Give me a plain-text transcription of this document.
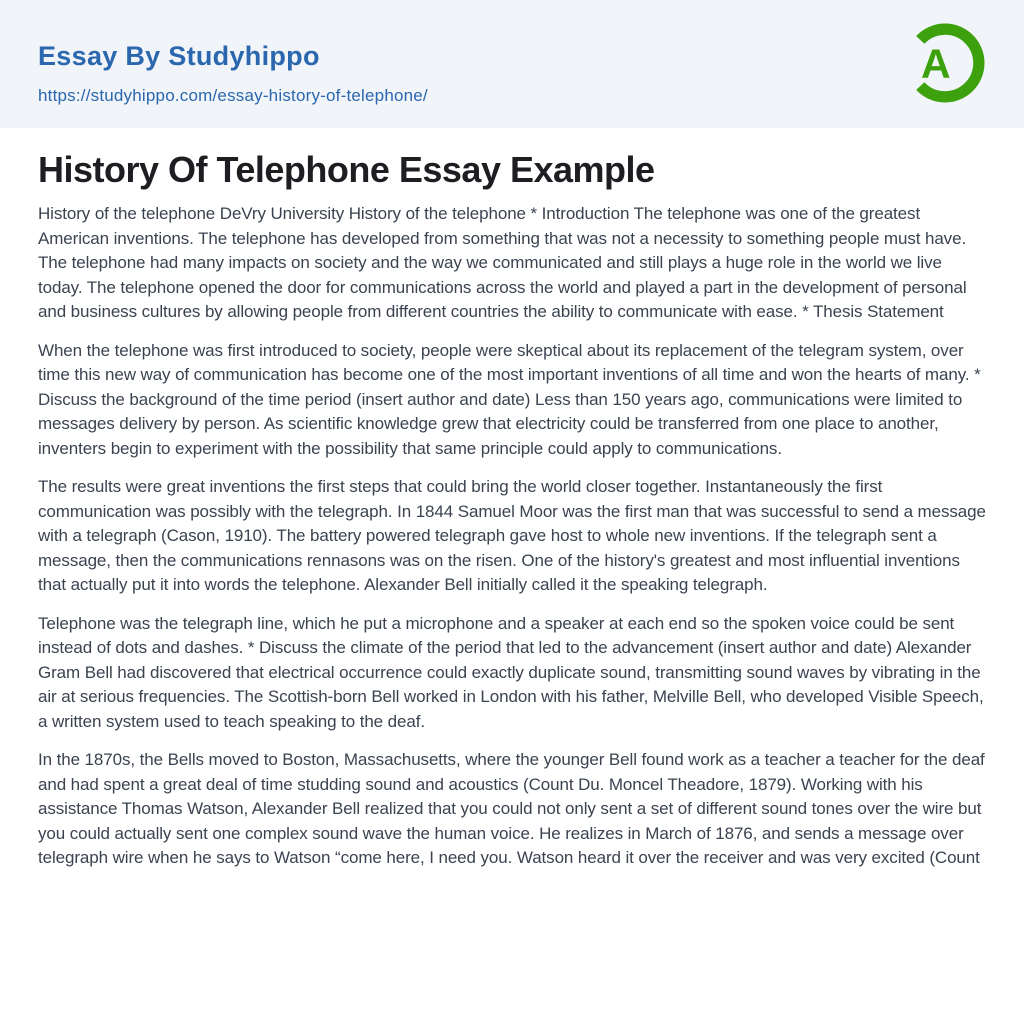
Essay By Studyhippo
https://studyhippo.com/essay-history-of-telephone/
A
History Of Telephone Essay Example

History of the telephone DeVry University History of the telephone * Introduction The telephone was one of the greatest American inventions. The telephone has developed from something that was not a necessity to something people must have. The telephone had many impacts on society and the way we communicated and still plays a huge role in the world we live today. The telephone opened the door for communications across the world and played a part in the development of personal and business cultures by allowing people from different countries the ability to communicate with ease. * Thesis Statement

When the telephone was first introduced to society, people were skeptical about its replacement of the telegram system, over time this new way of communication has become one of the most important inventions of all time and won the hearts of many. * Discuss the background of the time period (insert author and date) Less than 150 years ago, communications were limited to messages delivery by person. As scientific knowledge grew that electricity could be transferred from one place to another, inventers begin to experiment with the possibility that same principle could apply to communications.

The results were great inventions the first steps that could bring the world closer together. Instantaneously the first communication was possibly with the telegraph. In 1844 Samuel Moor was the first man that was successful to send a message with a telegraph (Cason, 1910). The battery powered telegraph gave host to whole new inventions. If the telegraph sent a message, then the communications rennasons was on the risen. One of the history's greatest and most influential inventions that actually put it into words the telephone. Alexander Bell initially called it the speaking telegraph.

Telephone was the telegraph line, which he put a microphone and a speaker at each end so the spoken voice could be sent instead of dots and dashes. * Discuss the climate of the period that led to the advancement (insert author and date) Alexander Gram Bell had discovered that electrical occurrence could exactly duplicate sound, transmitting sound waves by vibrating in the air at serious frequencies. The Scottish-born Bell worked in London with his father, Melville Bell, who developed Visible Speech, a written system used to teach speaking to the deaf.

In the 1870s, the Bells moved to Boston, Massachusetts, where the younger Bell found work as a teacher a teacher for the deaf and had spent a great deal of time studding sound and acoustics (Count Du. Moncel Theadore, 1879). Working with his assistance Thomas Watson, Alexander Bell realized that you could not only sent a set of different sound tones over the wire but you could actually sent one complex sound wave the human voice. He realizes in March of 1876, and sends a message over telegraph wire when he says to Watson “come here, I need you. Watson heard it over the receiver and was very excited (Count
